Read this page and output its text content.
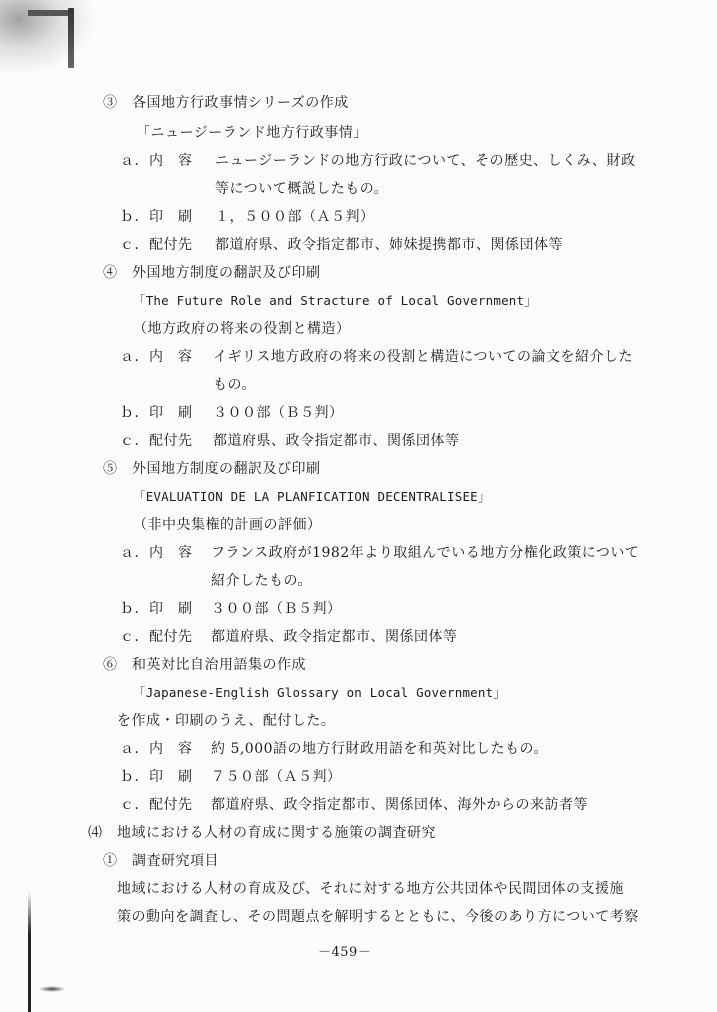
③　各国地方行政事情シリーズの作成
「ニュージーランド地方行政事情」
ａ．内　容 ニュージーランドの地方行政について、その歴史、しくみ、財政
等について概説したもの。
ｂ．印　刷 １，５００部（Ａ５判）
ｃ．配付先 都道府県、政令指定都市、姉妹提携都市、関係団体等
④　外国地方制度の翻訳及び印刷
「The Future Role and Stracture of Local Government」
（地方政府の将来の役割と構造）
ａ．内　容 イギリス地方政府の将来の役割と構造についての論文を紹介した
もの。
ｂ．印　刷 ３００部（Ｂ５判）
ｃ．配付先 都道府県、政令指定都市、関係団体等
⑤　外国地方制度の翻訳及び印刷
「EVALUATION DE LA PLANFICATION DECENTRALISEE」
（非中央集権的計画の評価）
ａ．内　容 フランス政府が1982年より取組んでいる地方分権化政策について
紹介したもの。
ｂ．印　刷 ３００部（Ｂ５判）
ｃ．配付先 都道府県、政令指定都市、関係団体等
⑥　和英対比自治用語集の作成
「Japanese-English Glossary on Local Government」
を作成・印刷のうえ、配付した。
ａ．内　容 約 5,000語の地方行財政用語を和英対比したもの。
ｂ．印　刷 ７５０部（Ａ５判）
ｃ．配付先 都道府県、政令指定都市、関係団体、海外からの来訪者等
⑷　地域における人材の育成に関する施策の調査研究
①　調査研究項目
地域における人材の育成及び、それに対する地方公共団体や民間団体の支援施
策の動向を調査し、その問題点を解明するとともに、今後のあり方について考察
－459－
